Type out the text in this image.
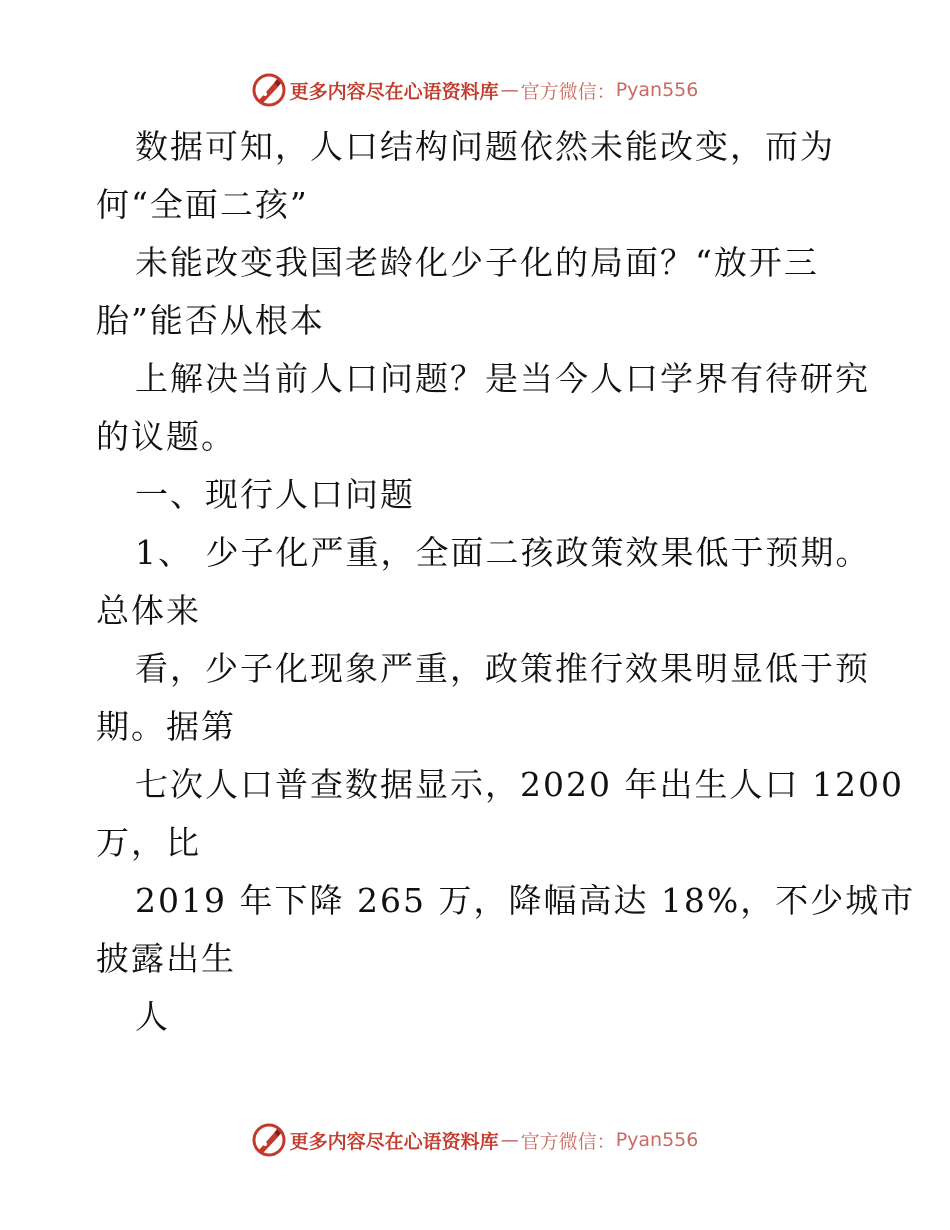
更多内容尽在心语资料库 — 官方微信： Pyan556
数据可知，人口结构问题依然未能改变，而为
何“全面二孩”
未能改变我国老龄化少子化的局面？“放开三
胎”能否从根本
上解决当前人口问题？是当今人口学界有待研究
的议题。
一、现行人口问题
1、 少子化严重，全面二孩政策效果低于预期。
总体来
看，少子化现象严重，政策推行效果明显低于预
期。据第
七次人口普查数据显示，2020 年出生人口 1200
万，比
2019 年下降 265 万，降幅高达 18%，不少城市
披露出生
人
更多内容尽在心语资料库 — 官方微信： Pyan556
